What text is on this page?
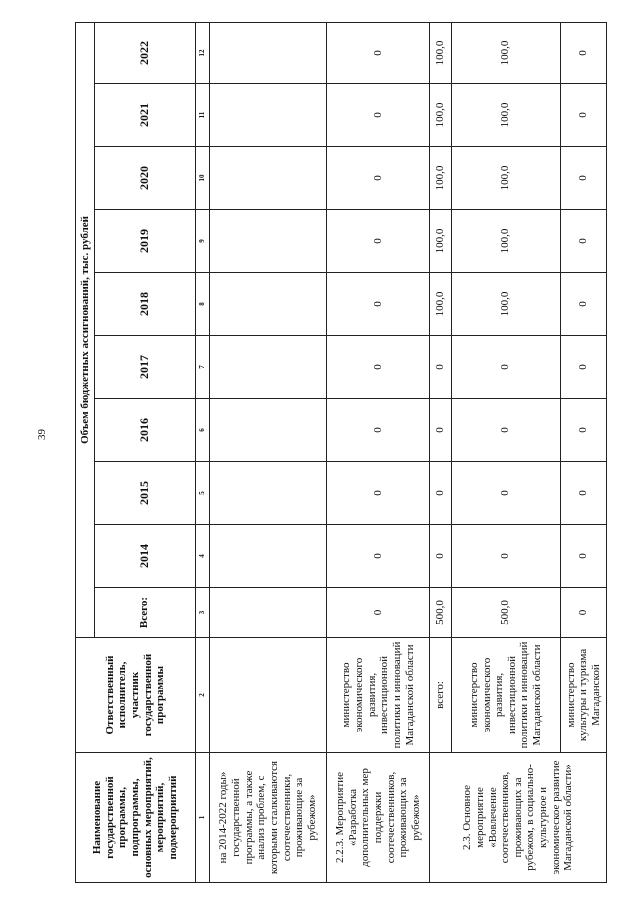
39
Наименование государственной программы, подпрограммы, основных мероприятий, мероприятий, подмероприятий	Ответственный исполнитель, участник государственной программы	Объем бюджетных ассигнований, тыс. рублей									
		Всего:	2014	2015	2016	2017	2018	2019	2020	2021	2022
1	2	3	4	5	6	7	8	9	10	11	12
на 2014-2022 годы» государственной программы, а также анализ проблем, с которыми сталкиваются соотечественники, проживающие за рубежом»											
2.2.3. Мероприятие «Разработка дополнительных мер поддержки соотечественников, проживающих за рубежом»	министерство экономического развития, инвестиционной политики и инноваций Магаданской области	0	0	0	0	0	0	0	0	0	0
2.3. Основное мероприятие «Вовлечение соотечественников, проживающих за рубежом, в социально-культурное и экономическое развитие Магаданской области»	всего:	500,0	0	0	0	0	100,0	100,0	100,0	100,0	100,0
	министерство экономического развития, инвестиционной политики и инноваций Магаданской области	500,0	0	0	0	0	100,0	100,0	100,0	100,0	100,0
	министерство культуры и туризма Магаданской	0	0	0	0	0	0	0	0	0	0
